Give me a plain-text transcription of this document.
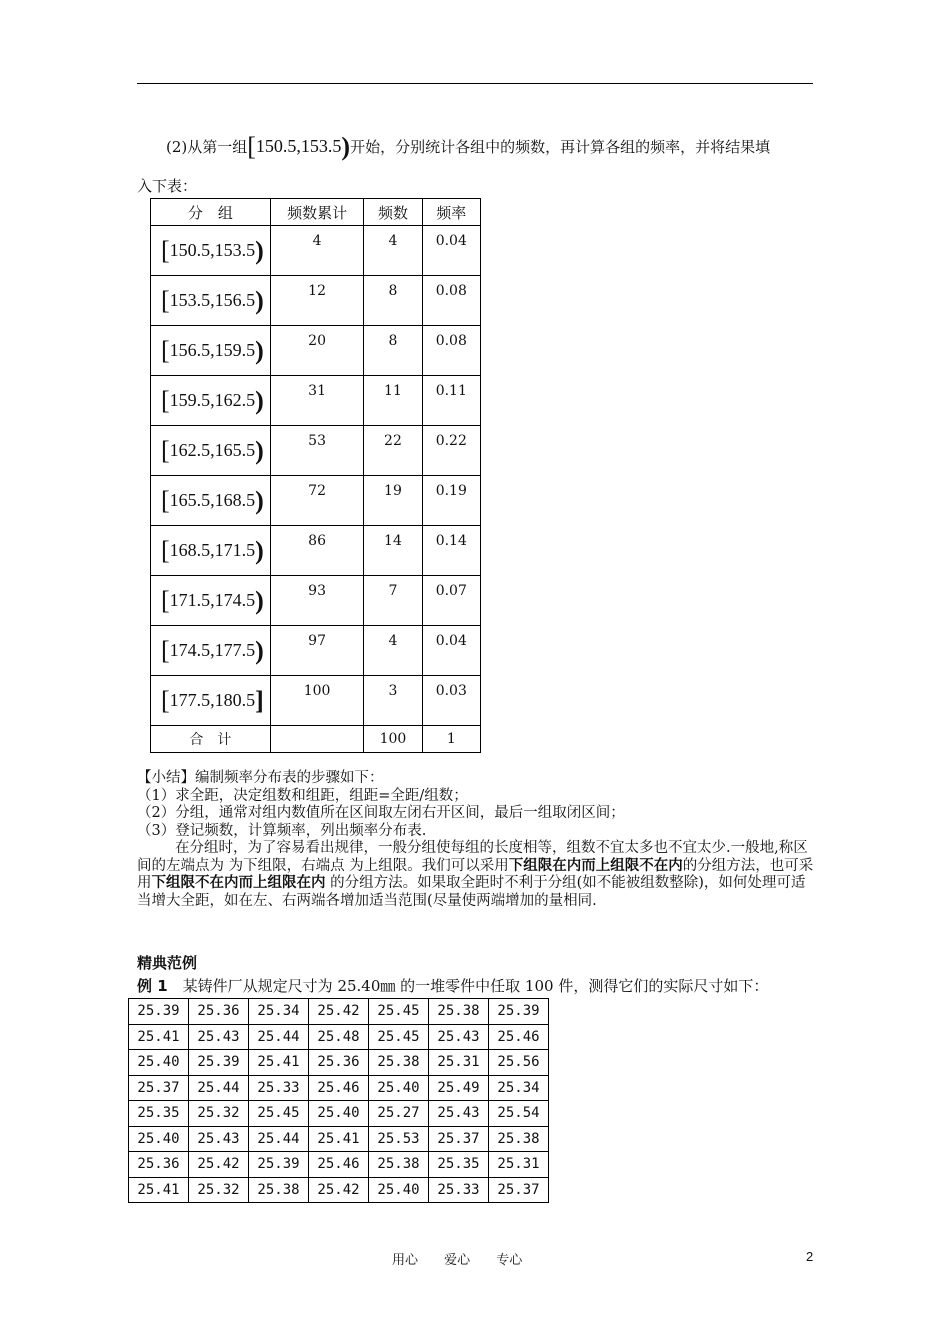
(2)从第一组[150.5,153.5)开始，分别统计各组中的频数，再计算各组的频率，并将结果填
入下表：
分　组	频数累计	频数	频率
[150.5,153.5)	4	4	0.04
[153.5,156.5)	12	8	0.08
[156.5,159.5)	20	8	0.08
[159.5,162.5)	31	11	0.11
[162.5,165.5)	53	22	0.22
[165.5,168.5)	72	19	0.19
[168.5,171.5)	86	14	0.14
[171.5,174.5)	93	7	0.07
[174.5,177.5)	97	4	0.04
[177.5,180.5]	100	3	0.03
合　计		100	1

【小结】编制频率分布表的步骤如下：

（1）求全距，决定组数和组距，组距=全距/组数；

（2）分组，通常对组内数值所在区间取左闭右开区间，最后一组取闭区间；

（3）登记频数，计算频率，列出频率分布表.

在分组时，为了容易看出规律，一般分组使每组的长度相等，组数不宜太多也不宜太少.一般地,称区间的左端点为 为下组限，右端点 为上组限。我们可以采用下组限在内而上组限不在内的分组方法，也可采用下组限不在内而上组限在内 的分组方法。如果取全距时不利于分组(如不能被组数整除)，如何处理可适当增大全距，如在左、右两端各增加适当范围(尽量使两端增加的量相同.

精典范例
例 1　某铸件厂从规定尺寸为 25.40㎜ 的一堆零件中任取 100 件，测得它们的实际尺寸如下：
25.39	25.36	25.34	25.42	25.45	25.38	25.39
25.41	25.43	25.44	25.48	25.45	25.43	25.46
25.40	25.39	25.41	25.36	25.38	25.31	25.56
25.37	25.44	25.33	25.46	25.40	25.49	25.34
25.35	25.32	25.45	25.40	25.27	25.43	25.54
25.40	25.43	25.44	25.41	25.53	25.37	25.38
25.36	25.42	25.39	25.46	25.38	25.35	25.31
25.41	25.32	25.38	25.42	25.40	25.33	25.37
用心 爱心 专心	2
